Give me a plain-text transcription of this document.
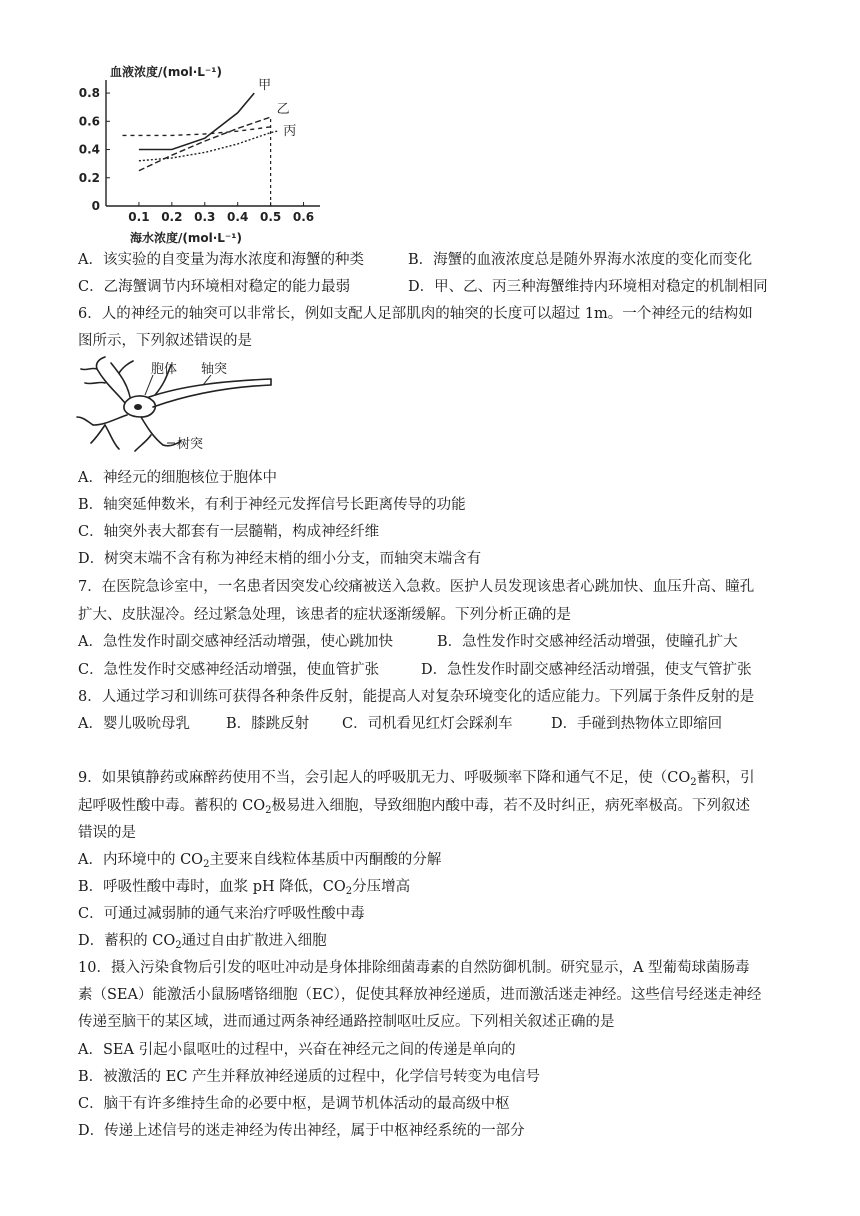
0.1 0.2 0.3 0.4 0.5 0.6
0.8
0.6
0.4
0.2
0
甲
乙
丙
血液浓度/(mol·L⁻¹)
海水浓度/(mol·L⁻¹)
A．该实验的自变量为海水浓度和海蟹的种类	B．海蟹的血液浓度总是随外界海水浓度的变化而变化
C．乙海蟹调节内环境相对稳定的能力最弱	D．甲、乙、丙三种海蟹维持内环境相对稳定的机制相同
6．人的神经元的轴突可以非常长，例如支配人足部肌肉的轴突的长度可以超过 1m。一个神经元的结构如
图所示，下列叙述错误的是
胞体 轴突
树突
A．神经元的细胞核位于胞体中
B．轴突延伸数米，有利于神经元发挥信号长距离传导的功能
C．轴突外表大都套有一层髓鞘，构成神经纤维
D．树突末端不含有称为神经末梢的细小分支，而轴突末端含有
7．在医院急诊室中，一名患者因突发心绞痛被送入急救。医护人员发现该患者心跳加快、血压升高、瞳孔
扩大、皮肤湿冷。经过紧急处理，该患者的症状逐渐缓解。下列分析正确的是
A．急性发作时副交感神经活动增强，使心跳加快	B．急性发作时交感神经活动增强，使瞳孔扩大
C．急性发作时交感神经活动增强，使血管扩张	D．急性发作时副交感神经活动增强，使支气管扩张
8．人通过学习和训练可获得各种条件反射，能提高人对复杂环境变化的适应能力。下列属于条件反射的是
A．婴儿吸吮母乳 B．膝跳反射 C．司机看见红灯会踩刹车	D．手碰到热物体立即缩回
9．如果镇静药或麻醉药使用不当，会引起人的呼吸肌无力、呼吸频率下降和通气不足，使（$CO_2$蓄积，引
起呼吸性酸中毒。蓄积的 $CO_2$极易进入细胞，导致细胞内酸中毒，若不及时纠正，病死率极高。下列叙述
错误的是
A．内环境中的 $CO_2$主要来自线粒体基质中丙酮酸的分解
B．呼吸性酸中毒时，血浆 pH 降低，$CO_2$分压增高
C．可通过减弱肺的通气来治疗呼吸性酸中毒
D．蓄积的 $CO_2$通过自由扩散进入细胞
10．摄入污染食物后引发的呕吐冲动是身体排除细菌毒素的自然防御机制。研究显示，A 型葡萄球菌肠毒
素（SEA）能激活小鼠肠嗜铬细胞（EC），促使其释放神经递质，进而激活迷走神经。这些信号经迷走神经
传递至脑干的某区域，进而通过两条神经通路控制呕吐反应。下列相关叙述正确的是
A．SEA 引起小鼠呕吐的过程中，兴奋在神经元之间的传递是单向的
B．被激活的 EC 产生并释放神经递质的过程中，化学信号转变为电信号
C．脑干有许多维持生命的必要中枢，是调节机体活动的最高级中枢
D．传递上述信号的迷走神经为传出神经，属于中枢神经系统的一部分
